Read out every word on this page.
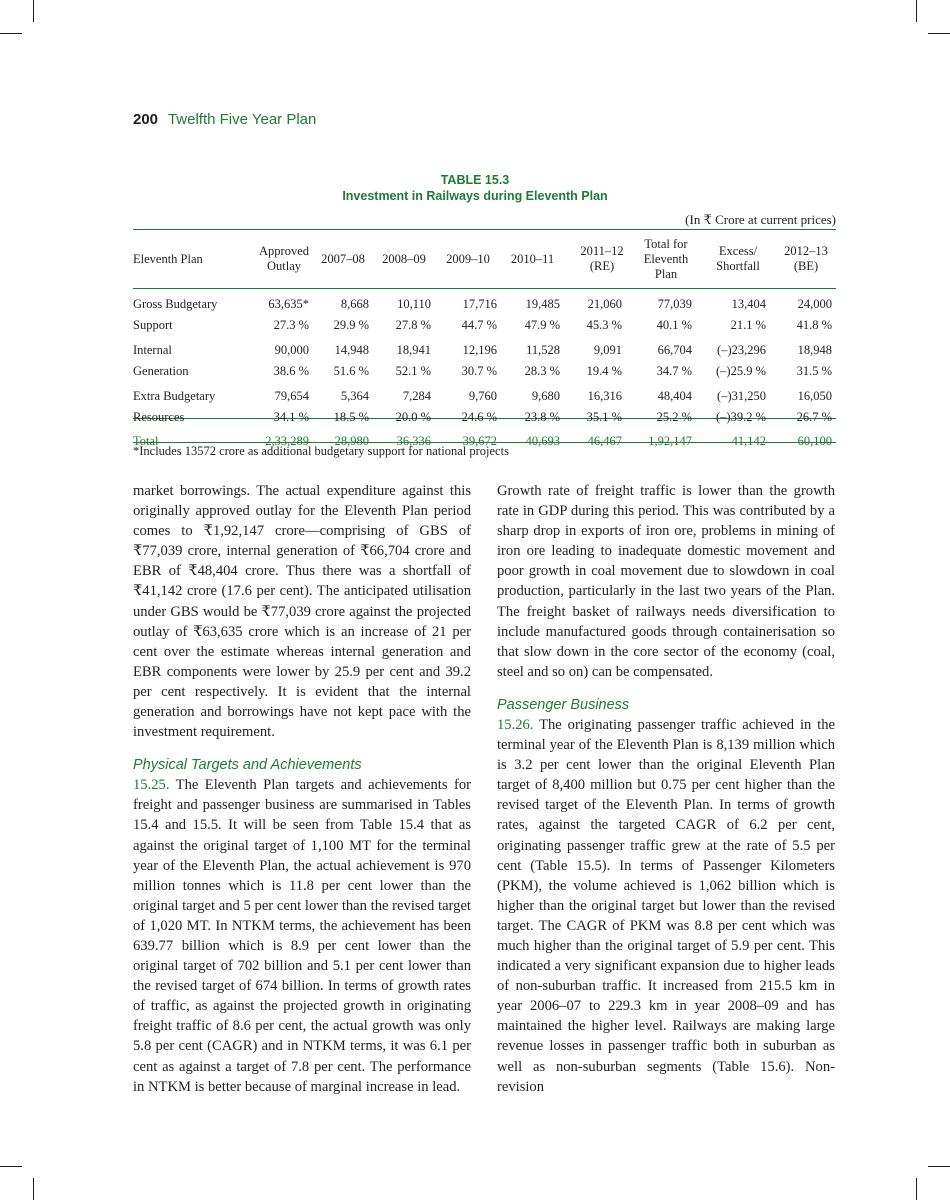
200 Twelfth Five Year Plan
TABLE 15.3
Investment in Railways during Eleventh Plan
(In ₹ Crore at current prices)
Eleventh Plan	Approved Outlay	2007–08	2008–09	2009–10	2010–11	2011–12 (RE)	Total for Eleventh Plan	Excess/ Shortfall	2012–13 (BE)
Gross Budgetary	63,635*	8,668	10,110	17,716	19,485	21,060	77,039	13,404	24,000
Support	27.3 %	29.9 %	27.8 %	44.7 %	47.9 %	45.3 %	40.1 %	21.1 %	41.8 %
Internal	90,000	14,948	18,941	12,196	11,528	9,091	66,704	(–)23,296	18,948
Generation	38.6 %	51.6 %	52.1 %	30.7 %	28.3 %	19.4 %	34.7 %	(–)25.9 %	31.5 %
Extra Budgetary	79,654	5,364	7,284	9,760	9,680	16,316	48,404	(–)31,250	16,050
Resources	34.1 %	18.5 %	20.0 %	24.6 %	23.8 %	35.1 %	25.2 %	(–)39.2 %	26.7 %
Total	2,33,289	28,980	36,336	39,672	40,693	46,467	1,92,147	41,142	60,100
*Includes 13572 crore as additional budgetary support for national projects

market borrowings. The actual expenditure against this originally approved outlay for the Eleventh Plan period comes to ₹1,92,147 crore—comprising of GBS of ₹77,039 crore, internal generation of ₹66,704 crore and EBR of ₹48,404 crore. Thus there was a shortfall of ₹41,142 crore (17.6 per cent). The anticipated utilisation under GBS would be ₹77,039 crore against the projected outlay of ₹63,635 crore which is an increase of 21 per cent over the estimate whereas internal generation and EBR components were lower by 25.9 per cent and 39.2 per cent respectively. It is evident that the internal generation and borrowings have not kept pace with the investment requirement.

Physical Targets and Achievements

15.25. The Eleventh Plan targets and achievements for freight and passenger business are summarised in Tables 15.4 and 15.5. It will be seen from Table 15.4 that as against the original target of 1,100 MT for the terminal year of the Eleventh Plan, the actual achievement is 970 million tonnes which is 11.8 per cent lower than the original target and 5 per cent lower than the revised target of 1,020 MT. In NTKM terms, the achievement has been 639.77 billion which is 8.9 per cent lower than the original target of 702 billion and 5.1 per cent lower than the revised target of 674 billion. In terms of growth rates of traffic, as against the projected growth in originating freight traffic of 8.6 per cent, the actual growth was only 5.8 per cent (CAGR) and in NTKM terms, it was 6.1 per cent as against a target of 7.8 per cent. The performance in NTKM is better because of marginal increase in lead.

Growth rate of freight traffic is lower than the growth rate in GDP during this period. This was contributed by a sharp drop in exports of iron ore, problems in mining of iron ore leading to inadequate domestic movement and poor growth in coal movement due to slowdown in coal production, particularly in the last two years of the Plan. The freight basket of railways needs diversification to include manufactured goods through containerisation so that slow down in the core sector of the economy (coal, steel and so on) can be compensated.

Passenger Business

15.26. The originating passenger traffic achieved in the terminal year of the Eleventh Plan is 8,139 million which is 3.2 per cent lower than the original Eleventh Plan target of 8,400 million but 0.75 per cent higher than the revised target of the Eleventh Plan. In terms of growth rates, against the targeted CAGR of 6.2 per cent, originating passenger traffic grew at the rate of 5.5 per cent (Table 15.5). In terms of Passenger Kilometers (PKM), the volume achieved is 1,062 billion which is higher than the original target but lower than the revised target. The CAGR of PKM was 8.8 per cent which was much higher than the original target of 5.9 per cent. This indicated a very significant expansion due to higher leads of non-suburban traffic. It increased from 215.5 km in year 2006–07 to 229.3 km in year 2008–09 and has maintained the higher level. Railways are making large revenue losses in passenger traffic both in suburban as well as non-suburban segments (Table 15.6). Non-revision
